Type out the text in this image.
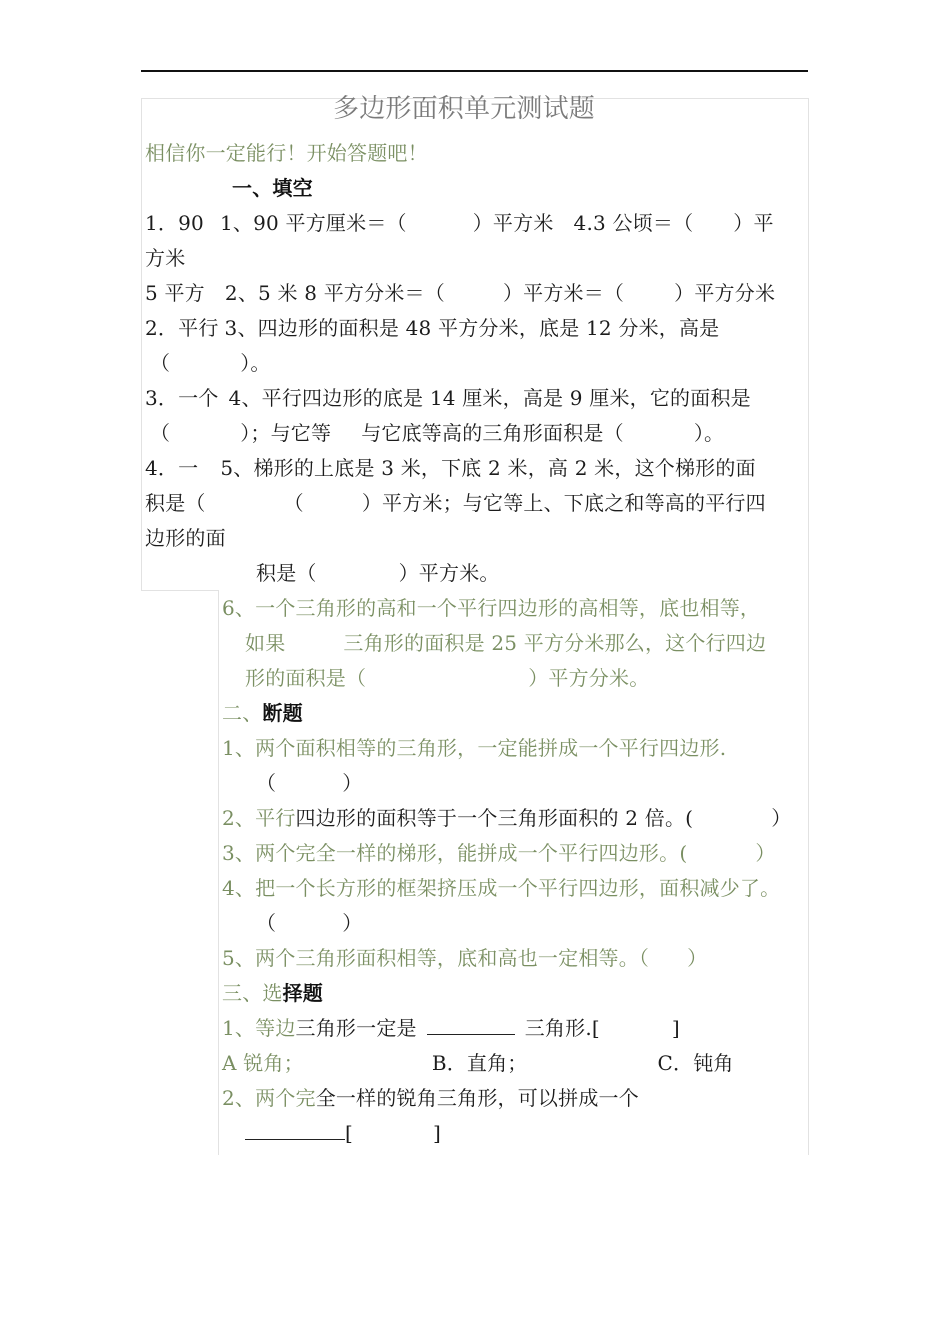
多边形面积单元测试题
相信你一定能行！开始答题吧！
一、填空
1．90 1、90 平方厘米＝（	）平方米 4.3 公顷＝（ ）平
方米
5 平方 2、5 米 8 平方分米＝（	）平方米＝（	）平方分米
2．平行 3、四边形的面积是 48 平方分米，底是 12 分米，高是
（	）。
3．一个 4、平行四边形的底是 14 厘米，高是 9 厘米，它的面积是
（	）；与它等 与它底等高的三角形面积是（	）。
4．一 5、梯形的上底是 3 米，下底 2 米，高 2 米，这个梯形的面
积是（	（	）平方米；与它等上、下底之和等高的平行四
边形的面
积是（	）平方米。
6、一个三角形的高和一个平行四边形的高相等，底也相等，
如果	三角形的面积是 25 平方分米那么，这个行四边
形的面积是（	）平方分米。
二、断题
1、两个面积相等的三角形，一定能拼成一个平行四边形.
（	）
2、平行四边形的面积等于一个三角形面积的 2 倍。(	）
3、两个完全一样的梯形，能拼成一个平行四边形。(	）
4、把一个长方形的框架挤压成一个平行四边形，面积减少了。
（	）
5、两个三角形面积相等，底和高也一定相等。（ ）
三、选择题
1、等边三角形一定是	三角形.[	]
A 锐角；	B．直角；	C．钝角
2、两个完全一样的锐角三角形，可以拼成一个
[	]
